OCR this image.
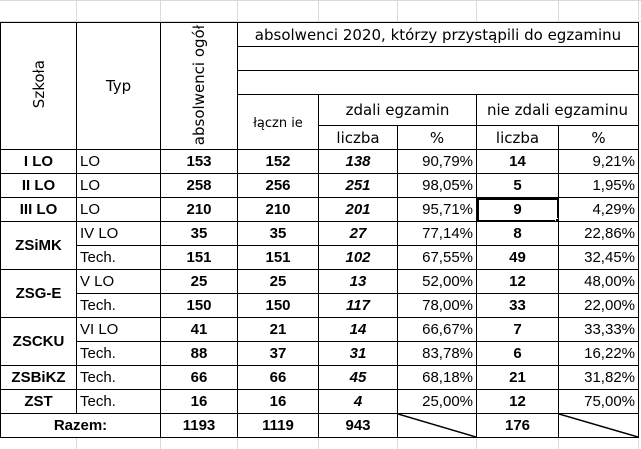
Szkoła	Typ	absolwenci ogół	absolwenci 2020, którzy przystąpili do egzaminu				

			łączn ie	zdali egzamin		nie zdali egzaminu	
				liczba	%	liczba	%
I LO	LO	153	152	138	90,79%	14	9,21%
II LO	LO	258	256	251	98,05%	5	1,95%
III LO	LO	210	210	201	95,71%	9	4,29%
ZSiMK	IV LO	35	35	27	77,14%	8	22,86%
	Tech.	151	151	102	67,55%	49	32,45%
ZSG-E	V LO	25	25	13	52,00%	12	48,00%
	Tech.	150	150	117	78,00%	33	22,00%
ZSCKU	VI LO	41	21	14	66,67%	7	33,33%
	Tech.	88	37	31	83,78%	6	16,22%
ZSBiKZ	Tech.	66	66	45	68,18%	21	31,82%
ZST	Tech.	16	16	4	25,00%	12	75,00%
Razem:		1193	1119	943		176	
